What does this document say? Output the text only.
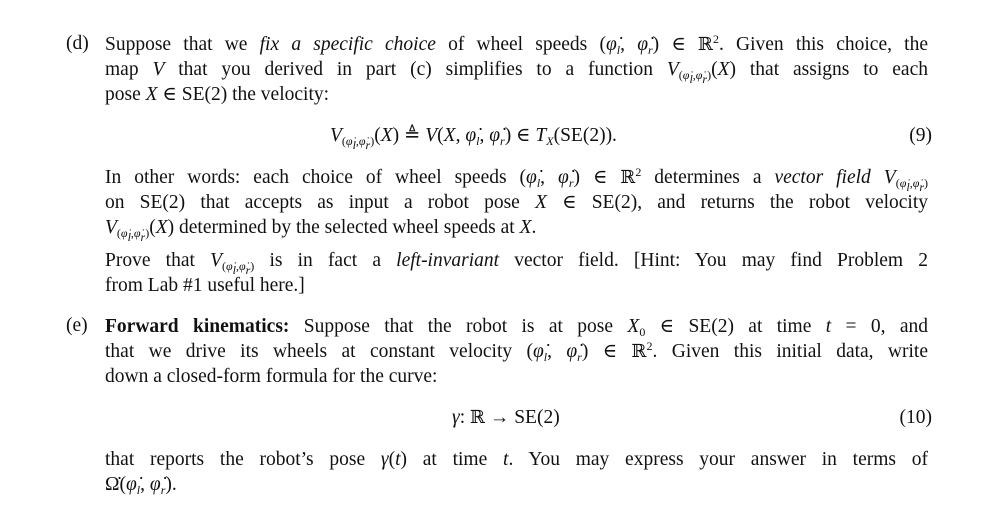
(d) Suppose that we fix a specific choice of wheel speeds ($\varphi̇_l$, $\varphi̇_r$) ∈ ℝ$^2$. Given this choice, the
map V that you derived in part (c) simplifies to a function $V_{(\varphi̇_l,\varphi̇_r)}(X)$ that assigns to each
pose X ∈ SE(2) the velocity:
$V_{(\varphi̇_l,\varphi̇_r)}(X)$ ≜ V(X, $\varphi̇_l$, $\varphi̇_r$) ∈ $T_X(SE(2))$.	(9)
In other words: each choice of wheel speeds ($\varphi̇_l$, $\varphi̇_r$) ∈ ℝ$^2$ determines a vector field $V_{(\varphi̇_l,\varphi̇_r)}$
on SE(2) that accepts as input a robot pose X ∈ SE(2), and returns the robot velocity
$V_{(\varphi̇_l,\varphi̇_r)}(X)$ determined by the selected wheel speeds at X.
Prove that $V_{(\varphi̇_l,\varphi̇_r)}$ is in fact a left-invariant vector field. [Hint: You may find Problem 2
from Lab #1 useful here.]
(e) Forward kinematics: Suppose that the robot is at pose $X_0$ ∈ SE(2) at time t = 0, and
that we drive its wheels at constant velocity ($\varphi̇_l$, $\varphi̇_r$) ∈ ℝ$^2$. Given this initial data, write
down a closed-form formula for the curve:
γ: ℝ → SE(2)	(10)
that reports the robot’s pose γ(t) at time t. You may express your answer in terms of
$\Omegȧ(\varphi̇_l$, $\varphi̇_r$).
